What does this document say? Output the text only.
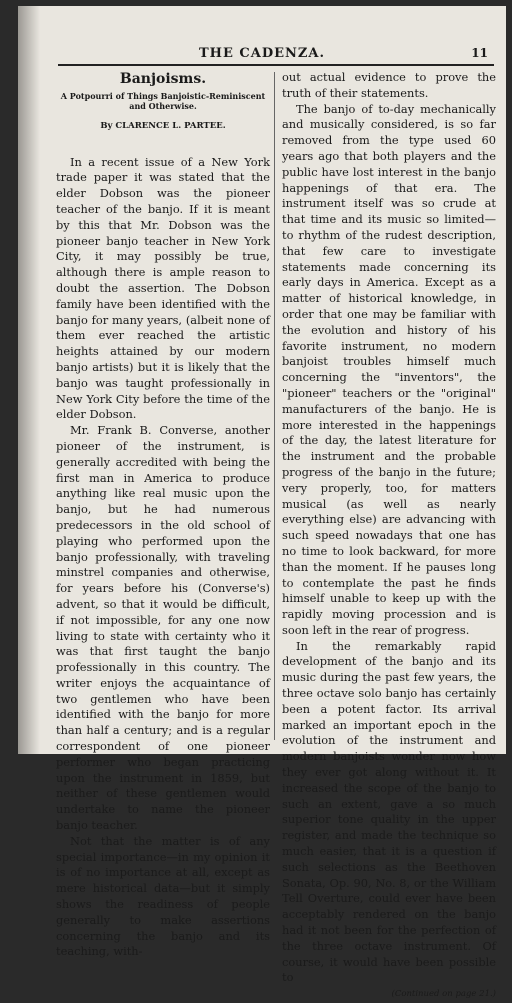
THE CADENZA.	11
Banjoisms.
A Potpourri of Things Banjoistic-Reminiscent and Otherwise.
By CLARENCE L. PARTEE.

In a recent issue of a New York trade paper it was stated that the elder Dobson was the pioneer teacher of the banjo. If it is meant by this that Mr. Dobson was the pioneer banjo teacher in New York City, it may possibly be true, although there is ample reason to doubt the assertion. The Dobson family have been identified with the banjo for many years, (albeit none of them ever reached the artistic heights attained by our modern banjo artists) but it is likely that the banjo was taught professionally in New York City before the time of the elder Dobson.

Mr. Frank B. Converse, another pioneer of the instrument, is generally accredited with being the first man in America to produce anything like real music upon the banjo, but he had numerous predecessors in the old school of playing who performed upon the banjo professionally, with traveling minstrel companies and otherwise, for years before his (Converse's) advent, so that it would be difficult, if not impossible, for any one now living to state with certainty who it was that first taught the banjo professionally in this country. The writer enjoys the acquaintance of two gentlemen who have been identified with the banjo for more than half a century; and is a regular correspondent of one pioneer performer who began practicing upon the instrument in 1859, but neither of these gentlemen would undertake to name the pioneer banjo teacher.

Not that the matter is of any special importance—in my opinion it is of no importance at all, except as mere historical data—but it simply shows the readiness of people generally to make assertions concerning the banjo and its teaching, with-

out actual evidence to prove the truth of their statements.

The banjo of to-day mechanically and musically considered, is so far removed from the type used 60 years ago that both players and the public have lost interest in the banjo happenings of that era. The instrument itself was so crude at that time and its music so limited—to rhythm of the rudest description, that few care to investigate statements made concerning its early days in America. Except as a matter of historical knowledge, in order that one may be familiar with the evolution and history of his favorite instrument, no modern banjoist troubles himself much concerning the "inventors", the "pioneer" teachers or the "original" manufacturers of the banjo. He is more interested in the happenings of the day, the latest literature for the instrument and the probable progress of the banjo in the future; very properly, too, for matters musical (as well as nearly everything else) are advancing with such speed nowadays that one has no time to look backward, for more than the moment. If he pauses long to contemplate the past he finds himself unable to keep up with the rapidly moving procession and is soon left in the rear of progress.

In the remarkably rapid development of the banjo and its music during the past few years, the three octave solo banjo has certainly been a potent factor. Its arrival marked an important epoch in the evolution of the instrument and modern banjoists wonder now how they ever got along without it. It increased the scope of the banjo to such an extent, gave a so much superior tone quality in the upper register, and made the technique so much easier, that it is a question if such selections as the Beethoven Sonata, Op. 90, No. 8, or the William Tell Overture, could ever have been acceptably rendered on the banjo had it not been for the perfection of the three octave instrument. Of course, it would have been possible to

(Continued on page 21.)
